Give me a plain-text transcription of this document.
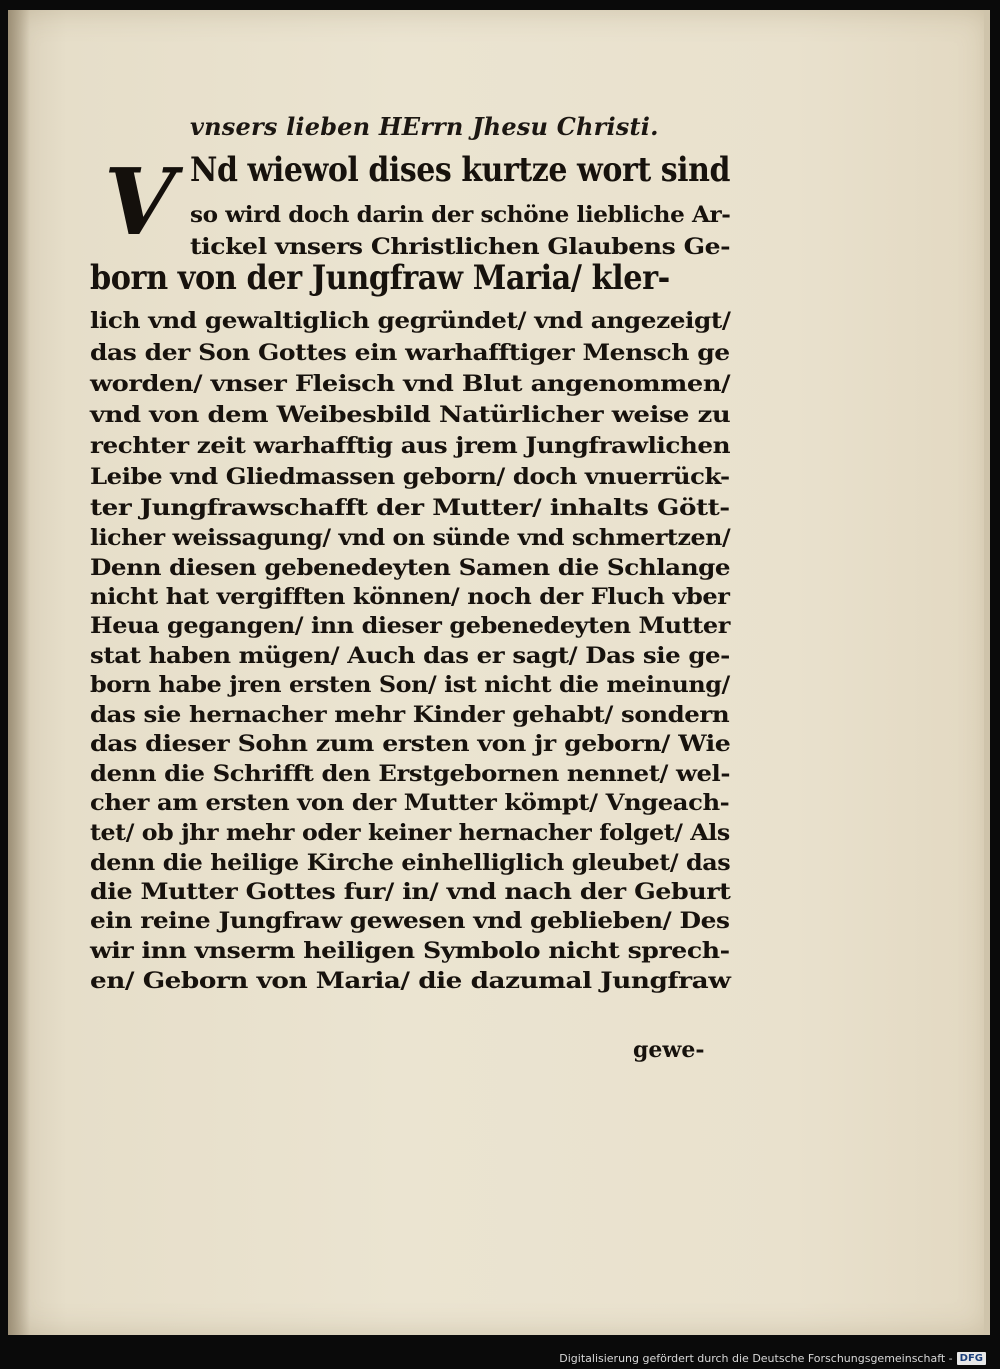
vnsers lieben HErrn Jhesu Christi.
V Nd wiewol dises kurtze wort sind
so wird doch darin der schöne liebliche Ar-
tickel vnsers Christlichen Glaubens Ge-
born von der Jungfraw Maria/ kler-
lich vnd gewaltiglich gegründet/ vnd angezeigt/
das der Son Gottes ein warhafftiger Mensch ge
worden/ vnser Fleisch vnd Blut angenommen/
vnd von dem Weibesbild Natürlicher weise zu
rechter zeit warhafftig aus jrem Jungfrawlichen
Leibe vnd Gliedmassen geborn/ doch vnuerrück-
ter Jungfrawschafft der Mutter/ inhalts Gött-
licher weissagung/ vnd on sünde vnd schmertzen/
Denn diesen gebenedeyten Samen die Schlange
nicht hat vergifften können/ noch der Fluch vber
Heua gegangen/ inn dieser gebenedeyten Mutter
stat haben mügen/ Auch das er sagt/ Das sie ge-
born habe jren ersten Son/ ist nicht die meinung/
das sie hernacher mehr Kinder gehabt/ sondern
das dieser Sohn zum ersten von jr geborn/ Wie
denn die Schrifft den Erstgebornen nennet/ wel-
cher am ersten von der Mutter kömpt/ Vngeach-
tet/ ob jhr mehr oder keiner hernacher folget/ Als
denn die heilige Kirche einhelliglich gleubet/ das
die Mutter Gottes fur/ in/ vnd nach der Geburt
ein reine Jungfraw gewesen vnd geblieben/ Des
wir inn vnserm heiligen Symbolo nicht sprech-
en/ Geborn von Maria/ die dazumal Jungfraw
gewe-
Digitalisierung gefördert durch die Deutsche Forschungsgemeinschaft - DFG
